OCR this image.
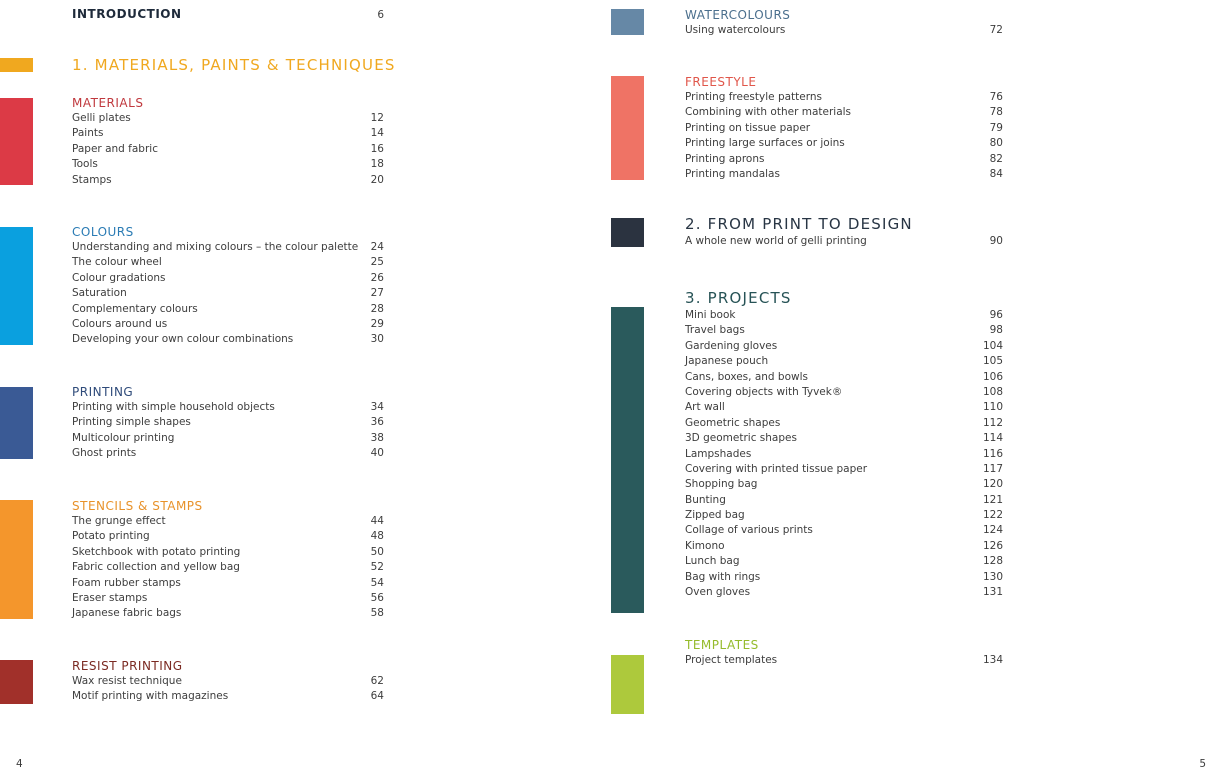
INTRODUCTION	6
1. MATERIALS, PAINTS & TECHNIQUES
MATERIALS
Gelli plates	12
Paints	14
Paper and fabric	16
Tools	18
Stamps	20
COLOURS
Understanding and mixing colours – the colour palette 24
The colour wheel	25
Colour gradations	26
Saturation	27
Complementary colours	28
Colours around us	29
Developing your own colour combinations	30
PRINTING
Printing with simple household objects	34
Printing simple shapes	36
Multicolour printing	38
Ghost prints	40
STENCILS & STAMPS
The grunge effect	44
Potato printing	48
Sketchbook with potato printing	50
Fabric collection and yellow bag	52
Foam rubber stamps	54
Eraser stamps	56
Japanese fabric bags	58
RESIST PRINTING
Wax resist technique	62
Motif printing with magazines	64
4
WATERCOLOURS
Using watercolours	72
FREESTYLE
Printing freestyle patterns	76
Combining with other materials	78
Printing on tissue paper	79
Printing large surfaces or joins	80
Printing aprons	82
Printing mandalas	84
2. FROM PRINT TO DESIGN
A whole new world of gelli printing	90
3. PROJECTS
Mini book	96
Travel bags	98
Gardening gloves	104
Japanese pouch	105
Cans, boxes, and bowls	106
Covering objects with Tyvek®	108
Art wall	110
Geometric shapes	112
3D geometric shapes	114
Lampshades	116
Covering with printed tissue paper	117
Shopping bag	120
Bunting	121
Zipped bag	122
Collage of various prints	124
Kimono	126
Lunch bag	128
Bag with rings	130
Oven gloves	131
TEMPLATES
Project templates	134
5
